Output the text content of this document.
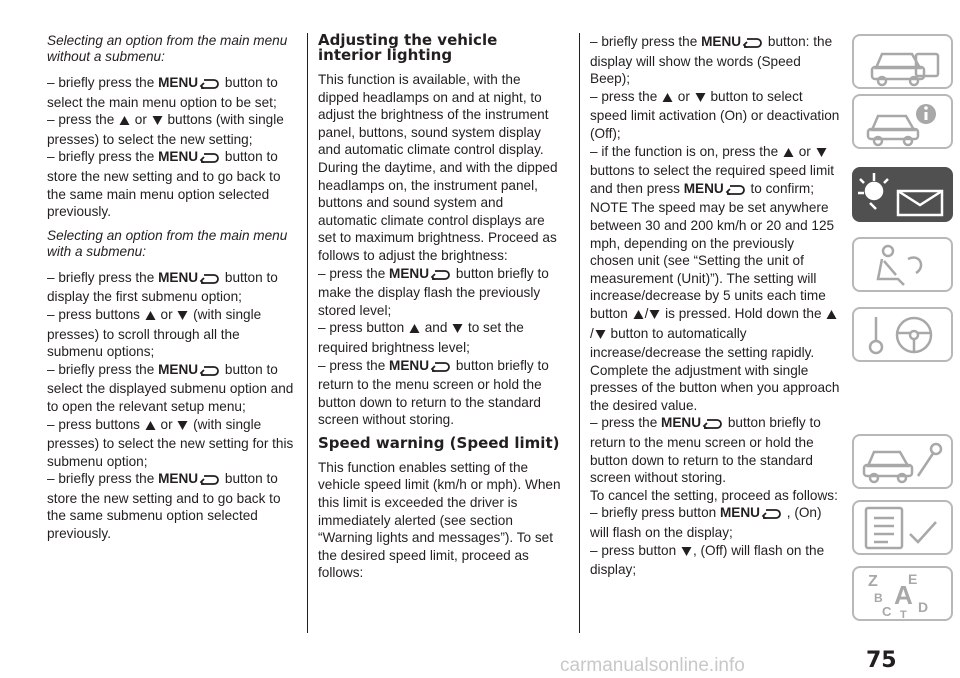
Selecting an option from the main menu without a submenu:

– briefly press the MENU button to select the main menu option to be set;
– press the  or  buttons (with single presses) to select the new setting;
– briefly press the MENU button to store the new setting and to go back to the same main menu option selected previously.

Selecting an option from the main menu with a submenu:

– briefly press the MENU button to display the first submenu option;
– press buttons  or  (with single presses) to scroll through all the submenu options;
– briefly press the MENU button to select the displayed submenu option and to open the relevant setup menu;
– press buttons  or  (with single presses) to select the new setting for this submenu option;
– briefly press the MENU button to store the new setting and to go back to the same submenu option selected previously.

Adjusting the vehicle interior lighting

This function is available, with the dipped headlamps on and at night, to adjust the brightness of the instrument panel, buttons, sound system display and automatic climate control display. During the daytime, and with the dipped headlamps on, the instrument panel, buttons and sound system and automatic climate control displays are set to maximum brightness. Proceed as follows to adjust the brightness:
– press the MENU button briefly to make the display flash the previously stored level;
– press button  and  to set the required brightness level;
– press the MENU button briefly to return to the menu screen or hold the button down to return to the standard screen without storing.

Speed warning (Speed limit)

This function enables setting of the vehicle speed limit (km/h or mph). When this limit is exceeded the driver is immediately alerted (see section “Warning lights and messages”). To set the desired speed limit, proceed as follows:

– briefly press the MENU button: the display will show the words (Speed Beep);
– press the  or  button to select speed limit activation (On) or deactivation (Off);
– if the function is on, press the  or  buttons to select the required speed limit and then press MENU to confirm;
NOTE The speed may be set anywhere between 30 and 200 km/h or 20 and 125 mph, depending on the previously chosen unit (see “Setting the unit of measurement (Unit)”). The setting will increase/decrease by 5 units each time button / is pressed. Hold down the / button to automatically increase/decrease the setting rapidly. Complete the adjustment with single presses of the button when you approach the desired value.
– press the MENU button briefly to return to the menu screen or hold the button down to return to the standard screen without storing.
To cancel the setting, proceed as follows:
– briefly press button MENU , (On) will flash on the display;
– press button , (Off) will flash on the display;

Z E
B A
C D
T
75
carmanualsonline.info
